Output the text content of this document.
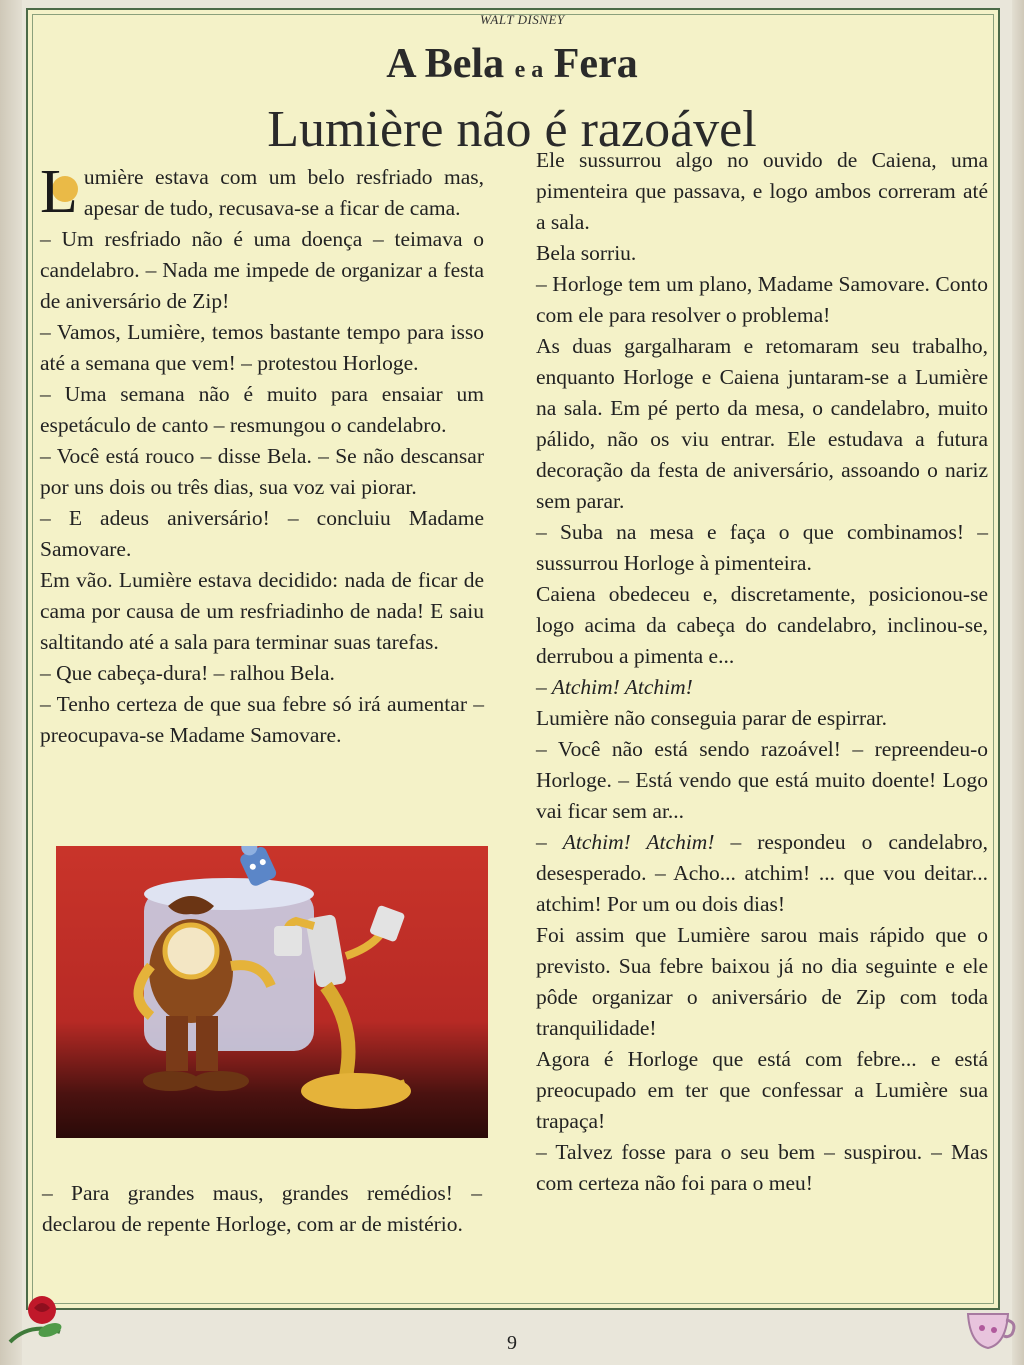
WALT DISNEY
A Bela e a Fera
Lumière não é razoável

L umière estava com um belo resfriado mas, apesar de tudo, recusava-se a ficar de cama.

– Um resfriado não é uma doença – teimava o candelabro. – Nada me impede de organizar a festa de aniversário de Zip!

– Vamos, Lumière, temos bastante tempo para isso até a semana que vem! – protestou Horloge.

– Uma semana não é muito para ensaiar um espetáculo de canto – resmungou o candelabro.

– Você está rouco – disse Bela. – Se não descansar por uns dois ou três dias, sua voz vai piorar.

– E adeus aniversário! – concluiu Madame Samovare.

Em vão. Lumière estava decidido: nada de ficar de cama por causa de um resfriadinho de nada! E saiu saltitando até a sala para terminar suas tarefas.

– Que cabeça-dura! – ralhou Bela.

– Tenho certeza de que sua febre só irá aumentar – preocupava-se Madame Samovare.

– Para grandes maus, grandes remédios! – declarou de repente Horloge, com ar de mistério.

Ele sussurrou algo no ouvido de Caiena, uma pimenteira que passava, e logo ambos correram até a sala.

Bela sorriu.

– Horloge tem um plano, Madame Samovare. Conto com ele para resolver o problema!

As duas gargalharam e retomaram seu trabalho, enquanto Horloge e Caiena juntaram-se a Lumière na sala. Em pé perto da mesa, o candelabro, muito pálido, não os viu entrar. Ele estudava a futura decoração da festa de aniversário, assoando o nariz sem parar.

– Suba na mesa e faça o que combinamos! – sussurrou Horloge à pimenteira.

Caiena obedeceu e, discretamente, posicionou-se logo acima da cabeça do candelabro, inclinou-se, derrubou a pimenta e...

– Atchim! Atchim!

Lumière não conseguia parar de espirrar.

– Você não está sendo razoável! – repreendeu-o Horloge. – Está vendo que está muito doente! Logo vai ficar sem ar...

– Atchim! Atchim! – respondeu o candelabro, desesperado. – Acho... atchim! ... que vou deitar... atchim! Por um ou dois dias!

Foi assim que Lumière sarou mais rápido que o previsto. Sua febre baixou já no dia seguinte e ele pôde organizar o aniversário de Zip com toda tranquilidade!

Agora é Horloge que está com febre... e está preocupado em ter que confessar a Lumière sua trapaça!

– Talvez fosse para o seu bem – suspirou. – Mas com certeza não foi para o meu!

9
